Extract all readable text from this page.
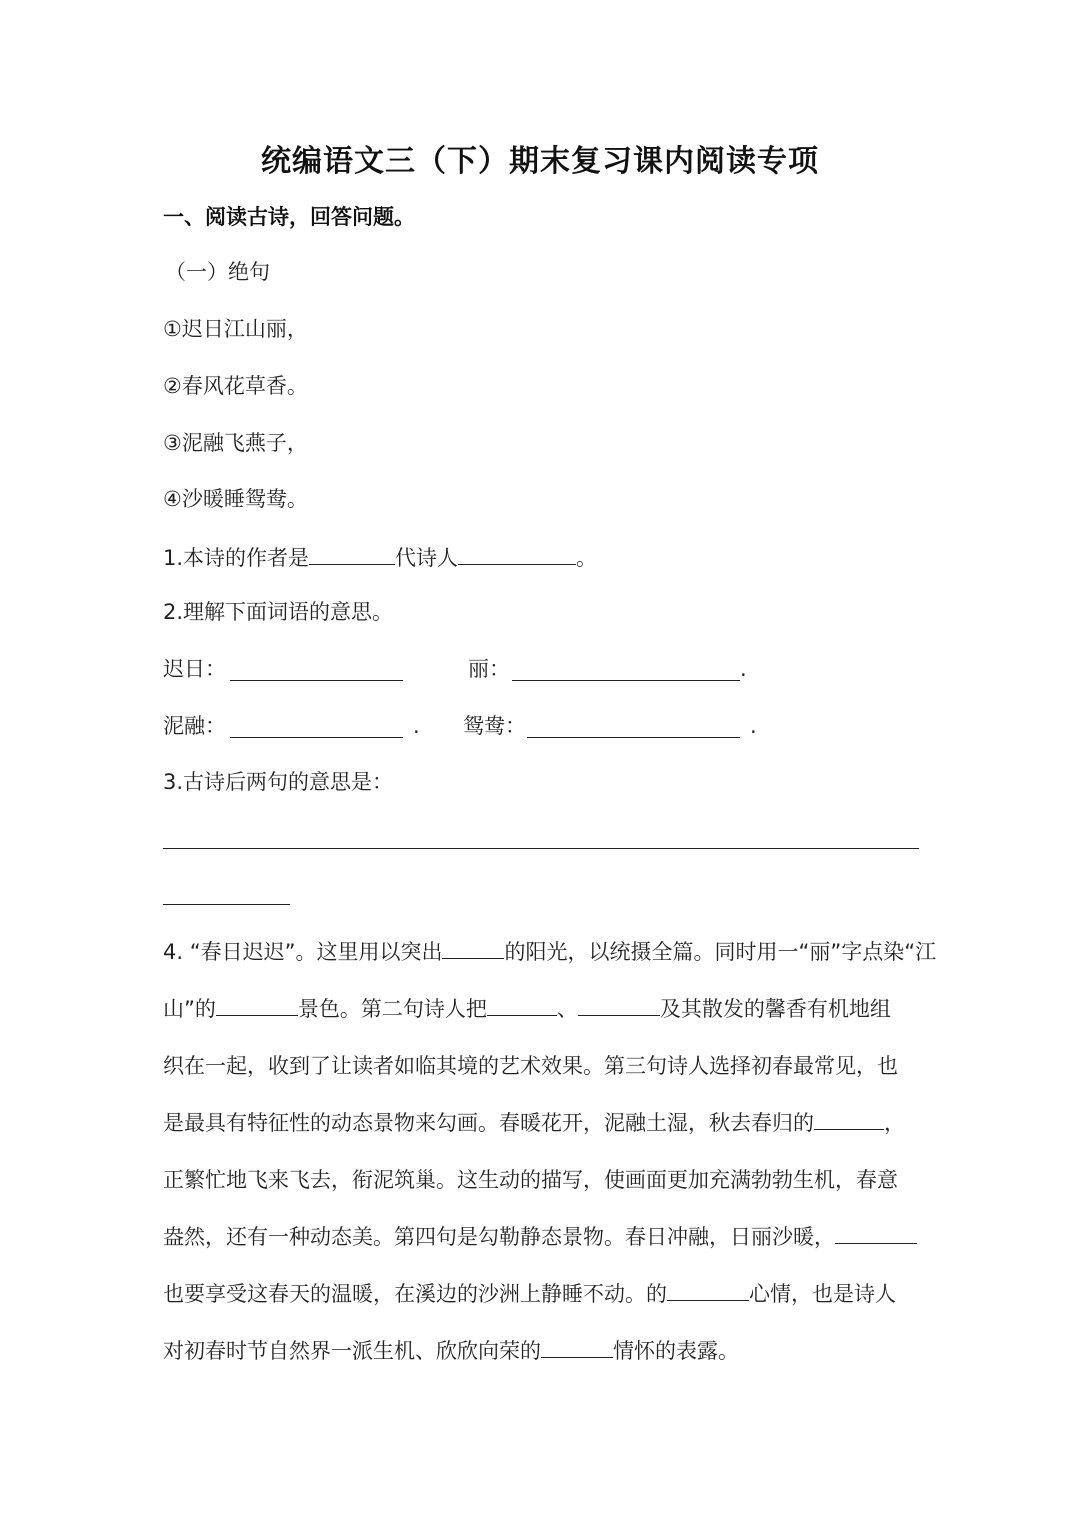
统编语文三（下）期末复习课内阅读专项
一、阅读古诗，回答问题。
（一）绝句
①迟日江山丽，
②春风花草香。
③泥融飞燕子，
④沙暖睡鸳鸯。
1.本诗的作者是	代诗人	。
2.理解下面词语的意思。
迟日：	丽：	.
泥融：	. 鸳鸯：	.
3.古诗后两句的意思是：
4. “春日迟迟”。这里用以突出	的阳光，以统摄全篇。同时用一“丽”字点染“江
山”的	景色。第二句诗人把	、	及其散发的馨香有机地组
织在一起，收到了让读者如临其境的艺术效果。第三句诗人选择初春最常见，也
是最具有特征性的动态景物来勾画。春暖花开，泥融土湿，秋去春归的	，
正繁忙地飞来飞去，衔泥筑巢。这生动的描写，使画面更加充满勃勃生机，春意
盎然，还有一种动态美。第四句是勾勒静态景物。春日冲融，日丽沙暖，
也要享受这春天的温暖，在溪边的沙洲上静睡不动。的	心情，也是诗人
对初春时节自然界一派生机、欣欣向荣的	情怀的表露。
